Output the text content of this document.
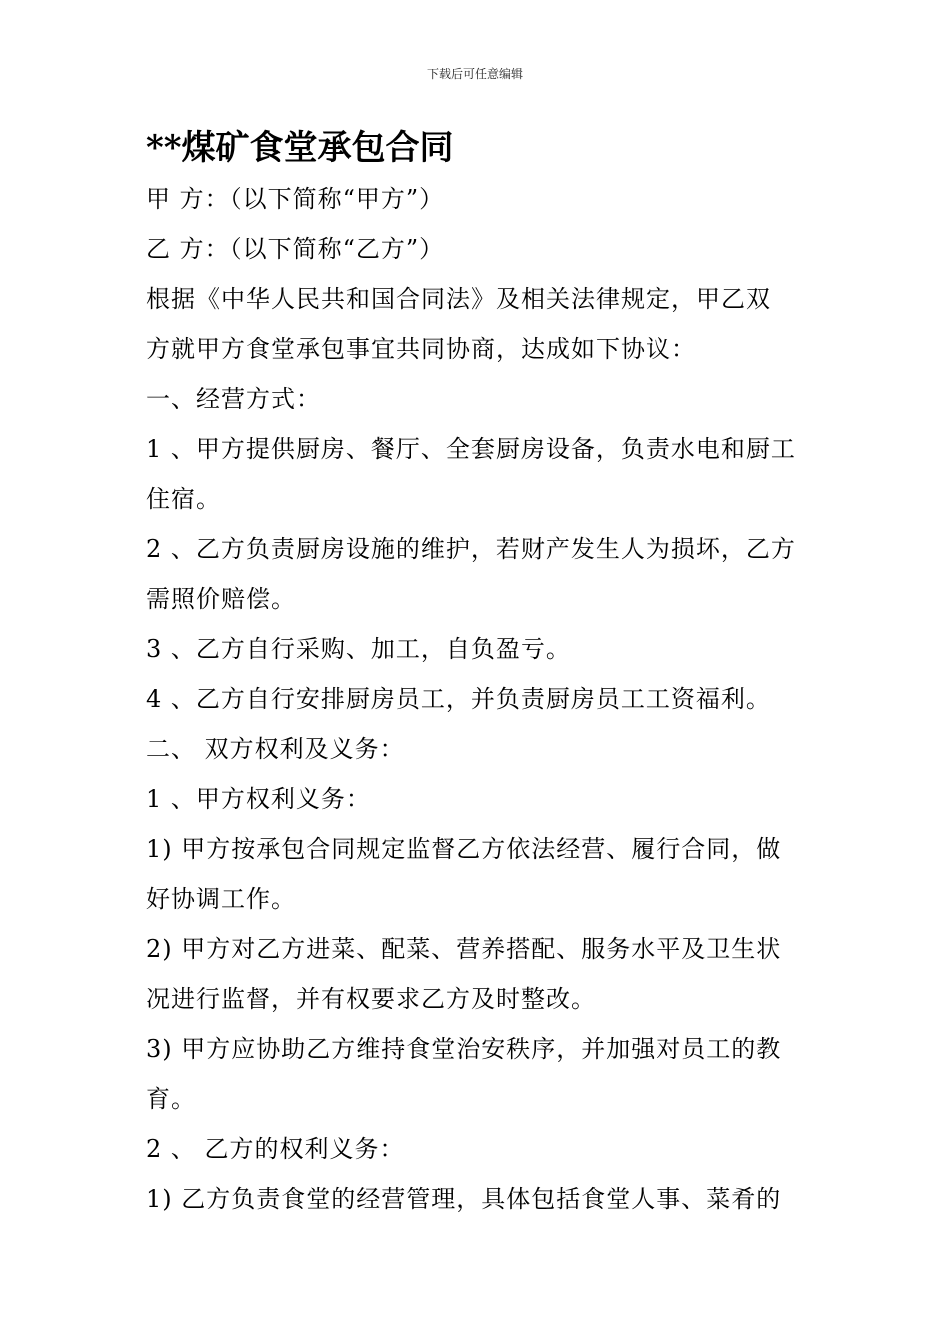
下载后可任意编辑
**煤矿食堂承包合同
甲 方：（以下简称“甲方”）
乙 方：（以下简称“乙方”）
根据《中华人民共和国合同法》及相关法律规定，甲乙双
方就甲方食堂承包事宜共同协商，达成如下协议：
一、经营方式：
1 、甲方提供厨房、餐厅、全套厨房设备，负责水电和厨工
住宿。
2 、乙方负责厨房设施的维护，若财产发生人为损坏，乙方
需照价赔偿。
3 、乙方自行采购、加工，自负盈亏。
4 、乙方自行安排厨房员工，并负责厨房员工工资福利。
二、 双方权利及义务：
1 、甲方权利义务：
1) 甲方按承包合同规定监督乙方依法经营、履行合同，做
好协调工作。
2) 甲方对乙方进菜、配菜、营养搭配、服务水平及卫生状
况进行监督，并有权要求乙方及时整改。
3) 甲方应协助乙方维持食堂治安秩序，并加强对员工的教
育。
2 、 乙方的权利义务：
1) 乙方负责食堂的经营管理，具体包括食堂人事、菜肴的
